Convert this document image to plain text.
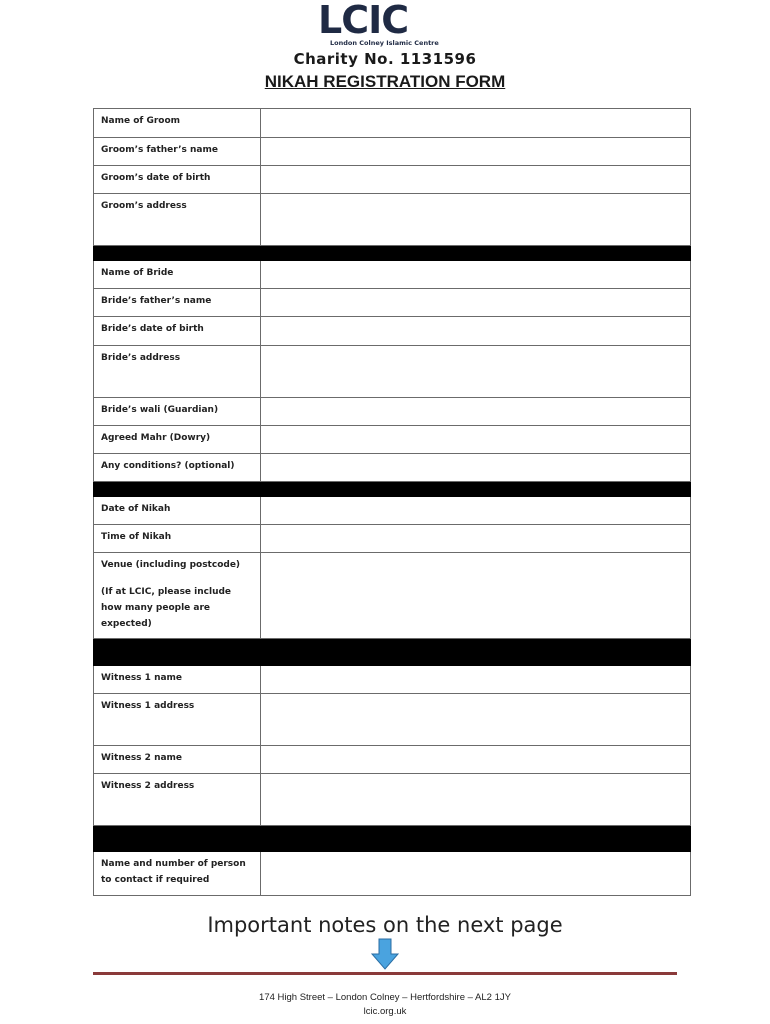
LCIC
London Colney Islamic Centre
Charity No. 1131596
NIKAH REGISTRATION FORM
Name of Groom	
Groom’s father’s name	
Groom’s date of birth	
Groom’s address	

Name of Bride	
Bride’s father’s name	
Bride’s date of birth	
Bride’s address	
Bride’s wali (Guardian)	
Agreed Mahr (Dowry)	
Any conditions? (optional)	

Date of Nikah	
Time of Nikah	

Venue (including postcode)
(If at LCIC, please include how many people are expected)	

Witness 1 name	
Witness 1 address	
Witness 2 name	
Witness 2 address	

Name and number of person to contact if required	
Important notes on the next page
174 High Street – London Colney – Hertfordshire – AL2 1JY
lcic.org.uk
